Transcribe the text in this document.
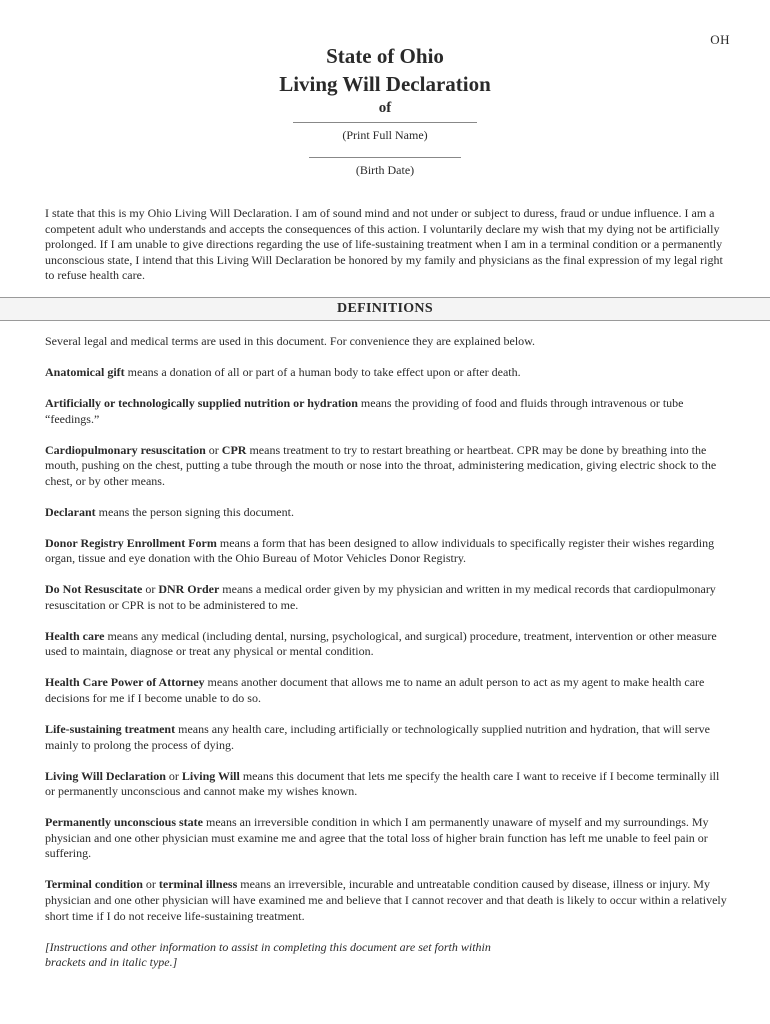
OH
State of Ohio
Living Will Declaration
of
(Print Full Name)
(Birth Date)

I state that this is my Ohio Living Will Declaration. I am of sound mind and not under or subject to duress, fraud or undue influence. I am a competent adult who understands and accepts the consequences of this action. I voluntarily declare my wish that my dying not be artificially prolonged. If I am unable to give directions regarding the use of life-sustaining treatment when I am in a terminal condition or a permanently unconscious state, I intend that this Living Will Declaration be honored by my family and physicians as the final expression of my legal right to refuse health care.

DEFINITIONS

Several legal and medical terms are used in this document. For convenience they are explained below.

Anatomical gift means a donation of all or part of a human body to take effect upon or after death.

Artificially or technologically supplied nutrition or hydration means the providing of food and fluids through intravenous or tube “feedings.”

Cardiopulmonary resuscitation or CPR means treatment to try to restart breathing or heartbeat. CPR may be done by breathing into the mouth, pushing on the chest, putting a tube through the mouth or nose into the throat, administering medication, giving electric shock to the chest, or by other means.

Declarant means the person signing this document.

Donor Registry Enrollment Form means a form that has been designed to allow individuals to specifically register their wishes regarding organ, tissue and eye donation with the Ohio Bureau of Motor Vehicles Donor Registry.

Do Not Resuscitate or DNR Order means a medical order given by my physician and written in my medical records that cardiopulmonary resuscitation or CPR is not to be administered to me.

Health care means any medical (including dental, nursing, psychological, and surgical) procedure, treatment, intervention or other measure used to maintain, diagnose or treat any physical or mental condition.

Health Care Power of Attorney means another document that allows me to name an adult person to act as my agent to make health care decisions for me if I become unable to do so.

Life-sustaining treatment means any health care, including artificially or technologically supplied nutrition and hydration, that will serve mainly to prolong the process of dying.

Living Will Declaration or Living Will means this document that lets me specify the health care I want to receive if I become terminally ill or permanently unconscious and cannot make my wishes known.

Permanently unconscious state means an irreversible condition in which I am permanently unaware of myself and my surroundings. My physician and one other physician must examine me and agree that the total loss of higher brain function has left me unable to feel pain or suffering.

Terminal condition or terminal illness means an irreversible, incurable and untreatable condition caused by disease, illness or injury. My physician and one other physician will have examined me and believe that I cannot recover and that death is likely to occur within a relatively short time if I do not receive life-sustaining treatment.

[Instructions and other information to assist in completing this document are set forth within brackets and in italic type.]
